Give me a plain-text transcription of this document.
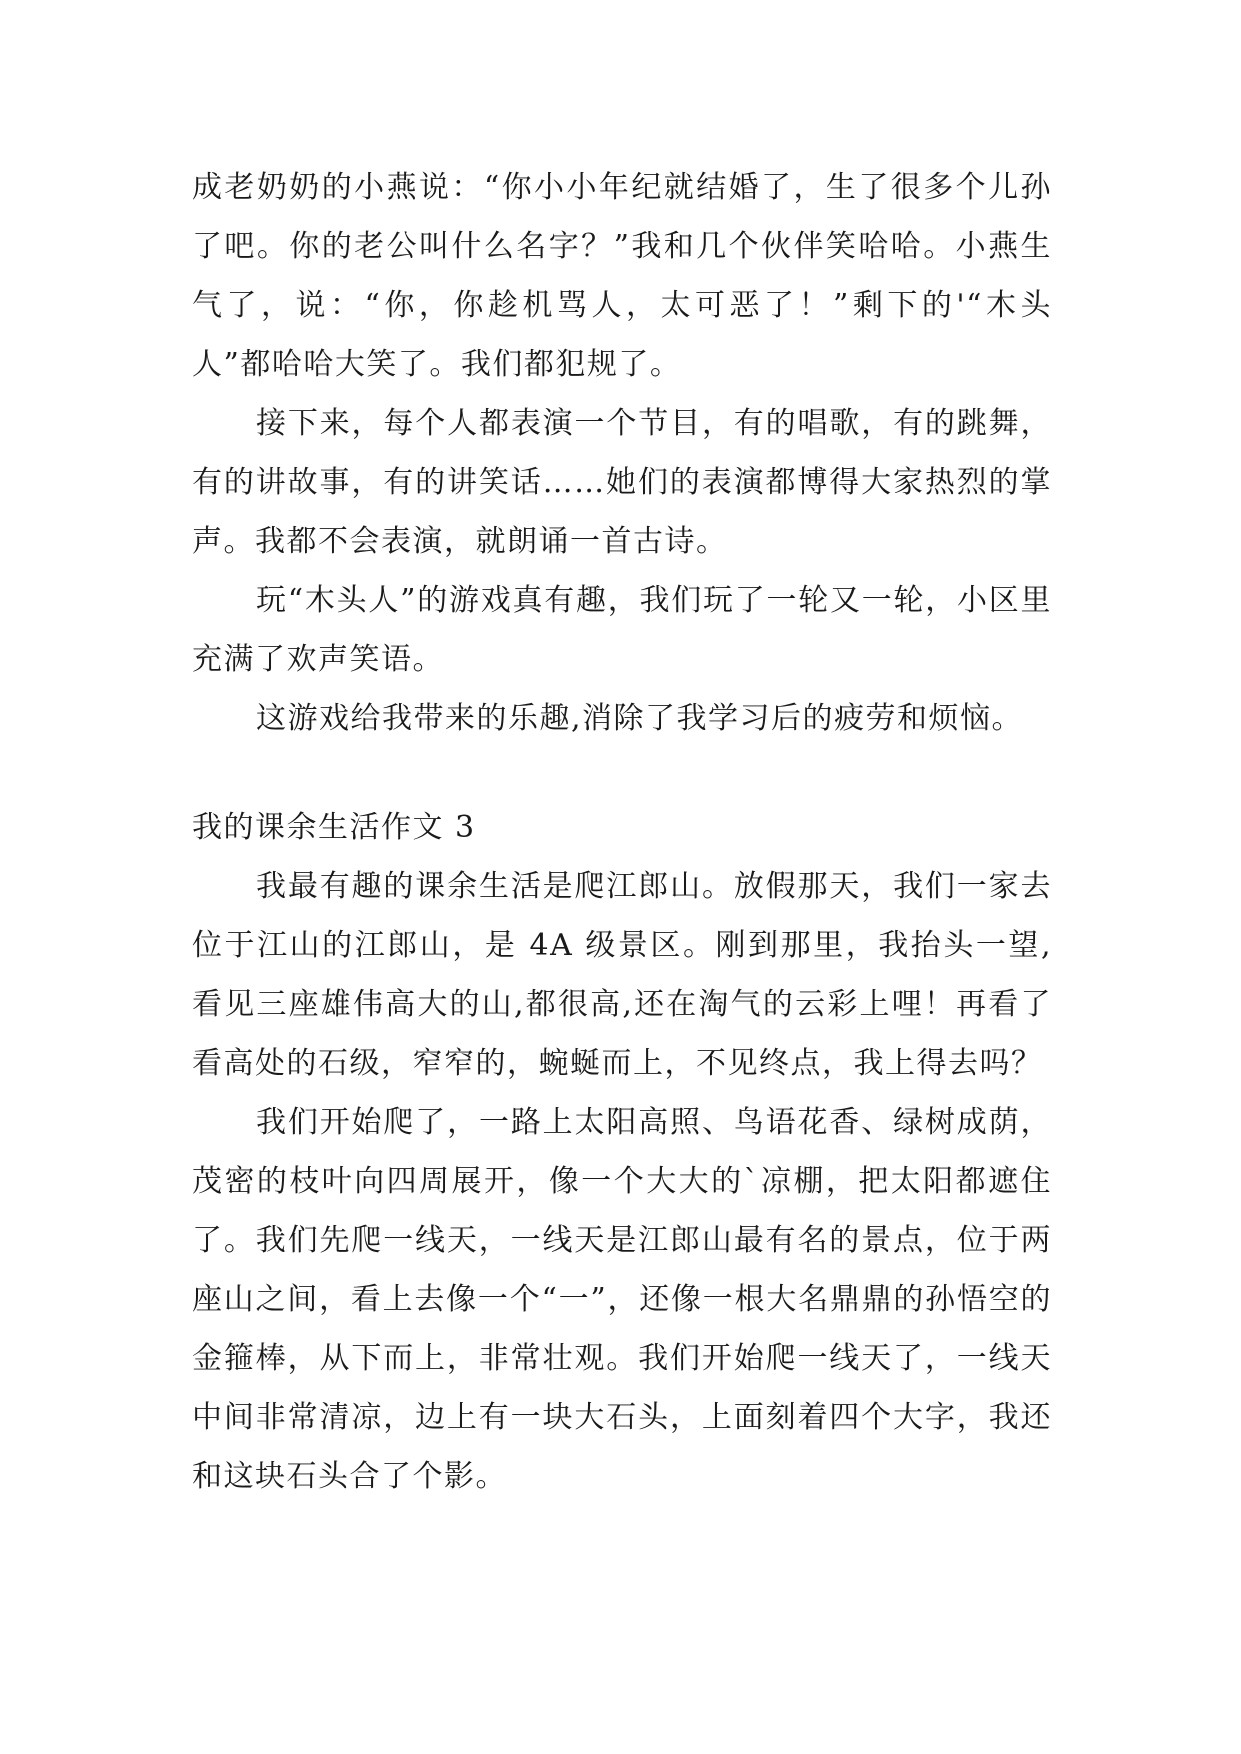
成老奶奶的小燕说：“你小小年纪就结婚了，生了很多个儿孙了吧。你的老公叫什么名字？”我和几个伙伴笑哈哈。小燕生气了，说：“你，你趁机骂人，太可恶了！”剩下的'“木头人”都哈哈大笑了。我们都犯规了。

接下来，每个人都表演一个节目，有的唱歌，有的跳舞，有的讲故事，有的讲笑话……她们的表演都博得大家热烈的掌声。我都不会表演，就朗诵一首古诗。

玩“木头人”的游戏真有趣，我们玩了一轮又一轮，小区里充满了欢声笑语。

这游戏给我带来的乐趣,消除了我学习后的疲劳和烦恼。

我的课余生活作文 3

我最有趣的课余生活是爬江郎山。放假那天，我们一家去位于江山的江郎山，是 4A 级景区。刚到那里，我抬头一望,看见三座雄伟高大的山,都很高,还在淘气的云彩上哩！再看了看高处的石级，窄窄的，蜿蜒而上，不见终点，我上得去吗？

我们开始爬了，一路上太阳高照、鸟语花香、绿树成荫，茂密的枝叶向四周展开，像一个大大的`凉棚，把太阳都遮住了。我们先爬一线天，一线天是江郎山最有名的景点，位于两座山之间，看上去像一个“一”，还像一根大名鼎鼎的孙悟空的金箍棒，从下而上，非常壮观。我们开始爬一线天了，一线天中间非常清凉，边上有一块大石头，上面刻着四个大字，我还和这块石头合了个影。
